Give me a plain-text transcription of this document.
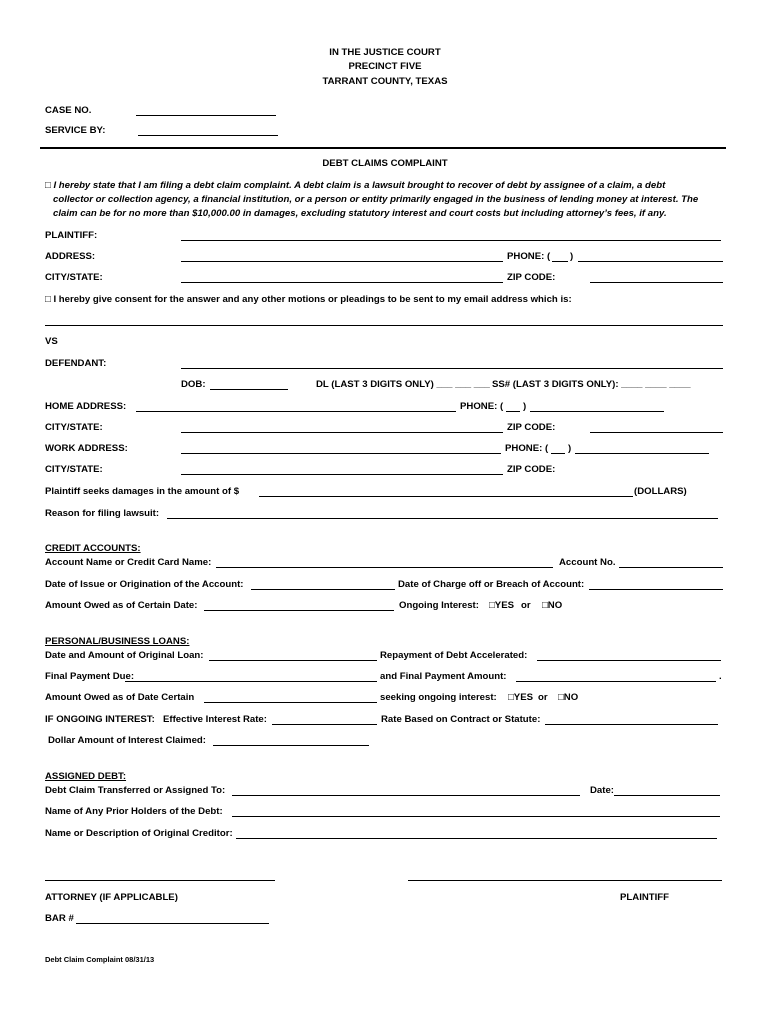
IN THE JUSTICE COURT
PRECINCT FIVE
TARRANT COUNTY, TEXAS
CASE NO.
SERVICE BY:
DEBT CLAIMS COMPLAINT
□ I hereby state that I am filing a debt claim complaint. A debt claim is a lawsuit brought to recover of debt by assignee of a claim, a debt
collector or collection agency, a financial institution, or a person or entity primarily engaged in the business of lending money at interest. The
claim can be for no more than $10,000.00 in damages, excluding statutory interest and court costs but including attorney’s fees, if any.
PLAINTIFF:
ADDRESS:	PHONE: ( )
CITY/STATE:	ZIP CODE:
□ I hereby give consent for the answer and any other motions or pleadings to be sent to my email address which is:
VS
DEFENDANT:
DOB:	DL (LAST 3 DIGITS ONLY) ___ ___ ___ SS# (LAST 3 DIGITS ONLY): ____ ____ ____
HOME ADDRESS:	PHONE: ( )
CITY/STATE:	ZIP CODE:
WORK ADDRESS:	PHONE: ( )
CITY/STATE:	ZIP CODE:
Plaintiff seeks damages in the amount of $	(DOLLARS)
Reason for filing lawsuit:
CREDIT ACCOUNTS:
Account Name or Credit Card Name:	Account No.
Date of Issue or Origination of the Account:	Date of Charge off or Breach of Account:
Amount Owed as of Certain Date:	Ongoing Interest: □YES or □NO
PERSONAL/BUSINESS LOANS:
Date and Amount of Original Loan:	Repayment of Debt Accelerated:
Final Payment Due:	and Final Payment Amount:	.
Amount Owed as of Date Certain	seeking ongoing interest: □YES or □NO
IF ONGOING INTEREST: Effective Interest Rate:	Rate Based on Contract or Statute:
Dollar Amount of Interest Claimed:
ASSIGNED DEBT:
Debt Claim Transferred or Assigned To:	Date:
Name of Any Prior Holders of the Debt:
Name or Description of Original Creditor:
ATTORNEY (IF APPLICABLE)	PLAINTIFF
BAR #
Debt Claim Complaint 08/31/13
